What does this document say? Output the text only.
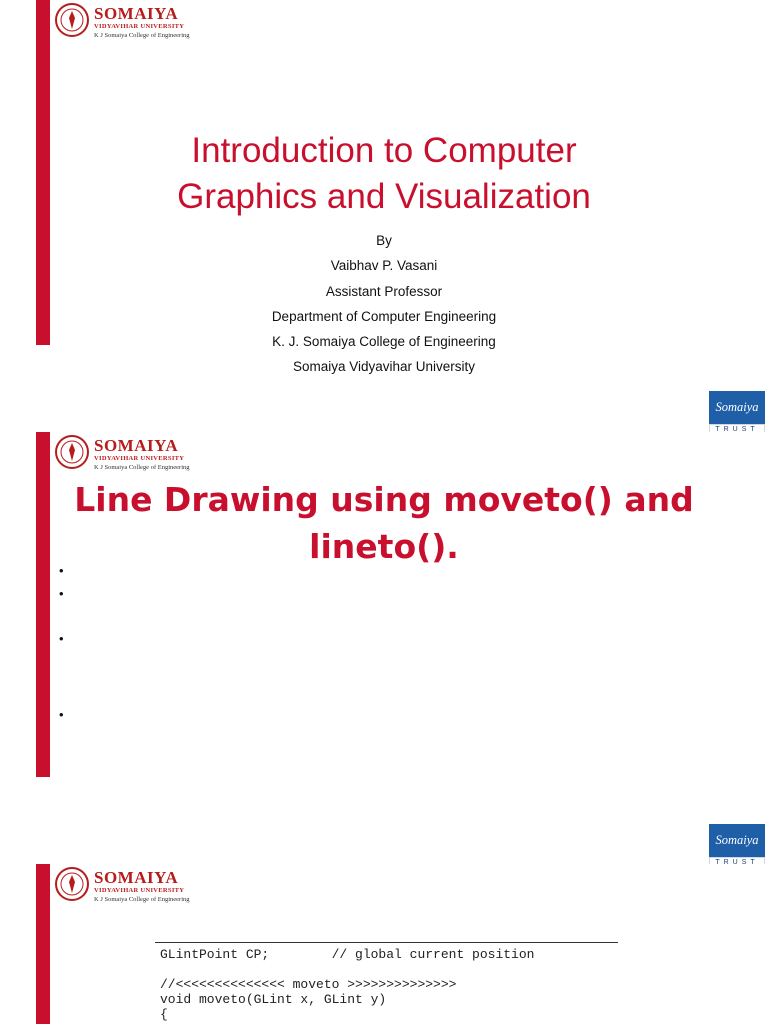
SOMAIYA
VIDYAVIHAR UNIVERSITY
K J Somaiya College of Engineering
Introduction to Computer
Graphics and Visualization
By
Vaibhav P. Vasani
Assistant Professor
Department of Computer Engineering
K. J. Somaiya College of Engineering
Somaiya Vidyavihar University
Somaiya
TRUST
SOMAIYA
VIDYAVIHAR UNIVERSITY
K J Somaiya College of Engineering
Line Drawing using moveto() and
lineto().
•
•
•
•
Somaiya
TRUST
SOMAIYA
VIDYAVIHAR UNIVERSITY
K J Somaiya College of Engineering
GLintPoint CP;        // global current position

//<<<<<<<<<<<<<< moveto >>>>>>>>>>>>>>
void moveto(GLint x, GLint y)
{
